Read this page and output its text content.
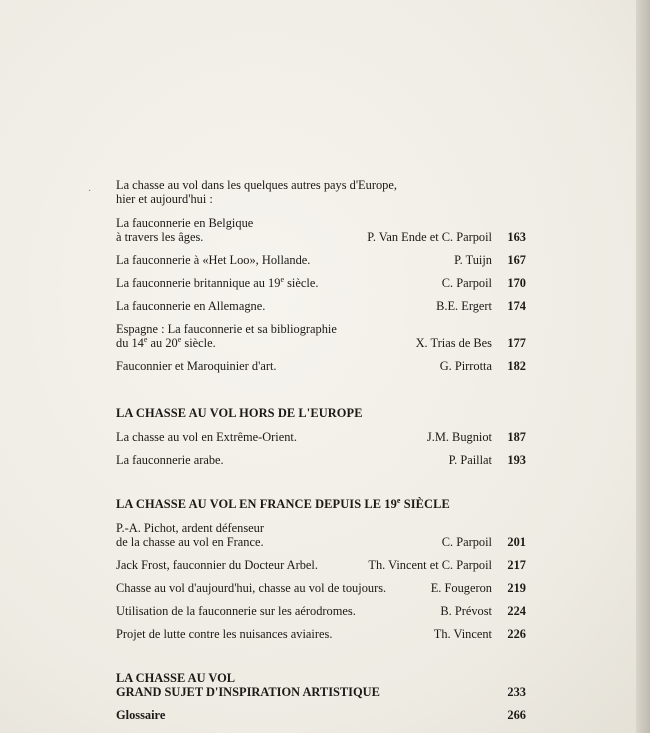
· La chasse au vol dans les quelques autres pays d'Europe,
hier et aujourd'hui :
La fauconnerie en Belgique
à travers les âges.	P. Van Ende et C. Parpoil	163
La fauconnerie à «Het Loo», Hollande.	P. Tuijn	167
La fauconnerie britannique au 19e siècle.	C. Parpoil	170
La fauconnerie en Allemagne.	B.E. Ergert	174
Espagne : La fauconnerie et sa bibliographie
du 14e au 20e siècle.	X. Trias de Bes	177
Fauconnier et Maroquinier d'art.	G. Pirrotta	182
LA CHASSE AU VOL HORS DE L'EUROPE
La chasse au vol en Extrême-Orient.	J.M. Bugniot	187
La fauconnerie arabe.	P. Paillat	193
LA CHASSE AU VOL EN FRANCE DEPUIS LE 19e SIÈCLE
P.-A. Pichot, ardent défenseur
de la chasse au vol en France.	C. Parpoil	201
Jack Frost, fauconnier du Docteur Arbel.	Th. Vincent et C. Parpoil	217
Chasse au vol d'aujourd'hui, chasse au vol de toujours.	E. Fougeron	219
Utilisation de la fauconnerie sur les aérodromes.	B. Prévost	224
Projet de lutte contre les nuisances aviaires.	Th. Vincent	226
LA CHASSE AU VOL
GRAND SUJET D'INSPIRATION ARTISTIQUE	233
Glossaire	266
